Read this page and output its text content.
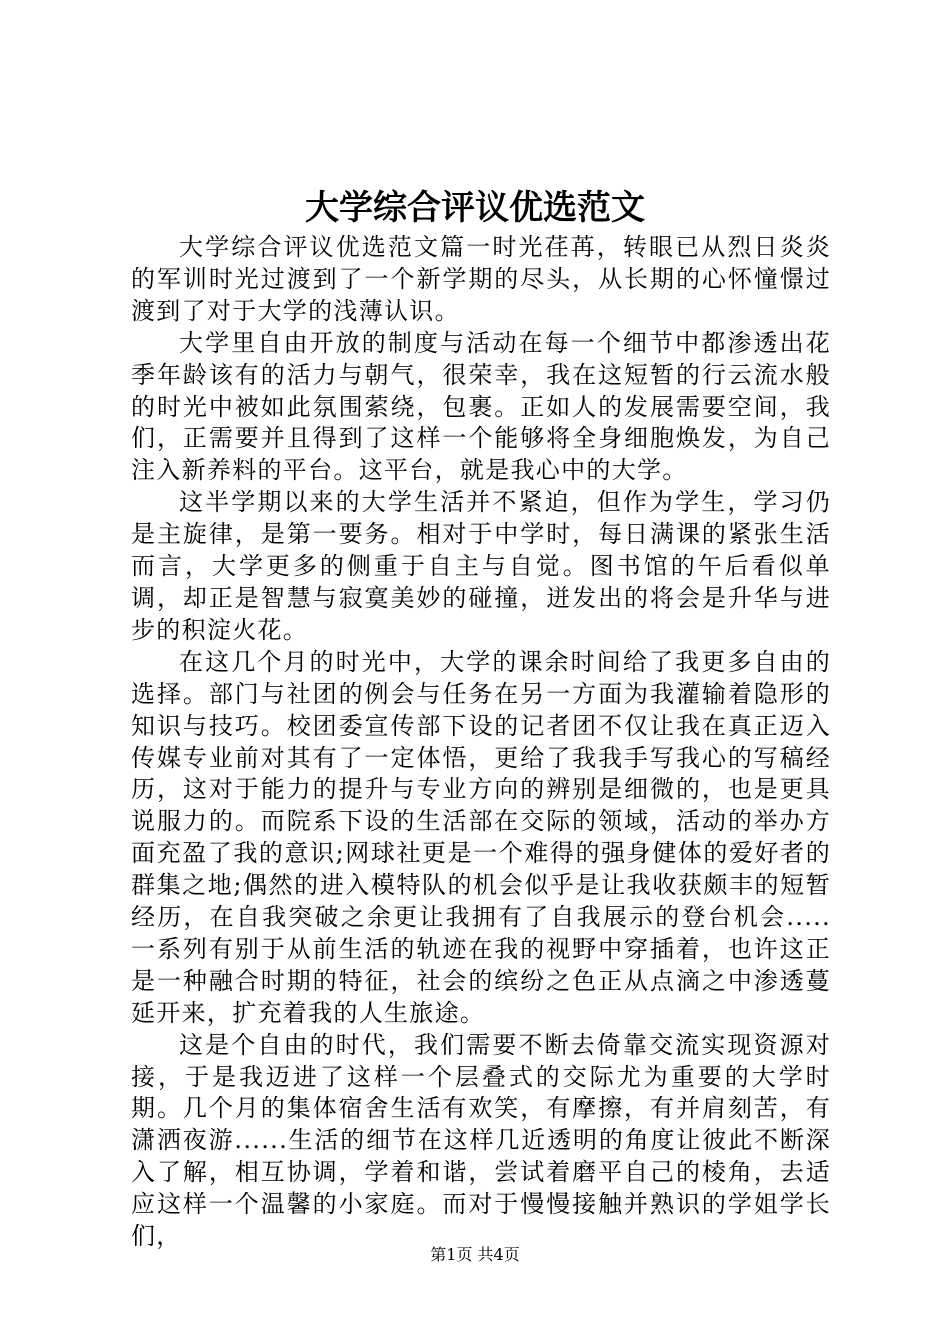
大学综合评议优选范文

大学综合评议优选范文篇一时光荏苒，转眼已从烈日炎炎的军训时光过渡到了一个新学期的尽头，从长期的心怀憧憬过渡到了对于大学的浅薄认识。

大学里自由开放的制度与活动在每一个细节中都渗透出花季年龄该有的活力与朝气，很荣幸，我在这短暂的行云流水般的时光中被如此氛围萦绕，包裹。正如人的发展需要空间，我们，正需要并且得到了这样一个能够将全身细胞焕发，为自己注入新养料的平台。这平台，就是我心中的大学。

这半学期以来的大学生活并不紧迫，但作为学生，学习仍是主旋律，是第一要务。相对于中学时，每日满课的紧张生活而言，大学更多的侧重于自主与自觉。图书馆的午后看似单调，却正是智慧与寂寞美妙的碰撞，迸发出的将会是升华与进步的积淀火花。

在这几个月的时光中，大学的课余时间给了我更多自由的选择。部门与社团的例会与任务在另一方面为我灌输着隐形的知识与技巧。校团委宣传部下设的记者团不仅让我在真正迈入传媒专业前对其有了一定体悟，更给了我我手写我心的写稿经历，这对于能力的提升与专业方向的辨别是细微的，也是更具说服力的。而院系下设的生活部在交际的领域，活动的举办方面充盈了我的意识;网球社更是一个难得的强身健体的爱好者的群集之地;偶然的进入模特队的机会似乎是让我收获颇丰的短暂经历，在自我突破之余更让我拥有了自我展示的登台机会.....一系列有别于从前生活的轨迹在我的视野中穿插着，也许这正是一种融合时期的特征，社会的缤纷之色正从点滴之中渗透蔓延开来，扩充着我的人生旅途。

这是个自由的时代，我们需要不断去倚靠交流实现资源对接，于是我迈进了这样一个层叠式的交际尤为重要的大学时期。几个月的集体宿舍生活有欢笑，有摩擦，有并肩刻苦，有潇洒夜游......生活的细节在这样几近透明的角度让彼此不断深入了解，相互协调，学着和谐，尝试着磨平自己的棱角，去适应这样一个温馨的小家庭。而对于慢慢接触并熟识的学姐学长们，

第1页 共4页
